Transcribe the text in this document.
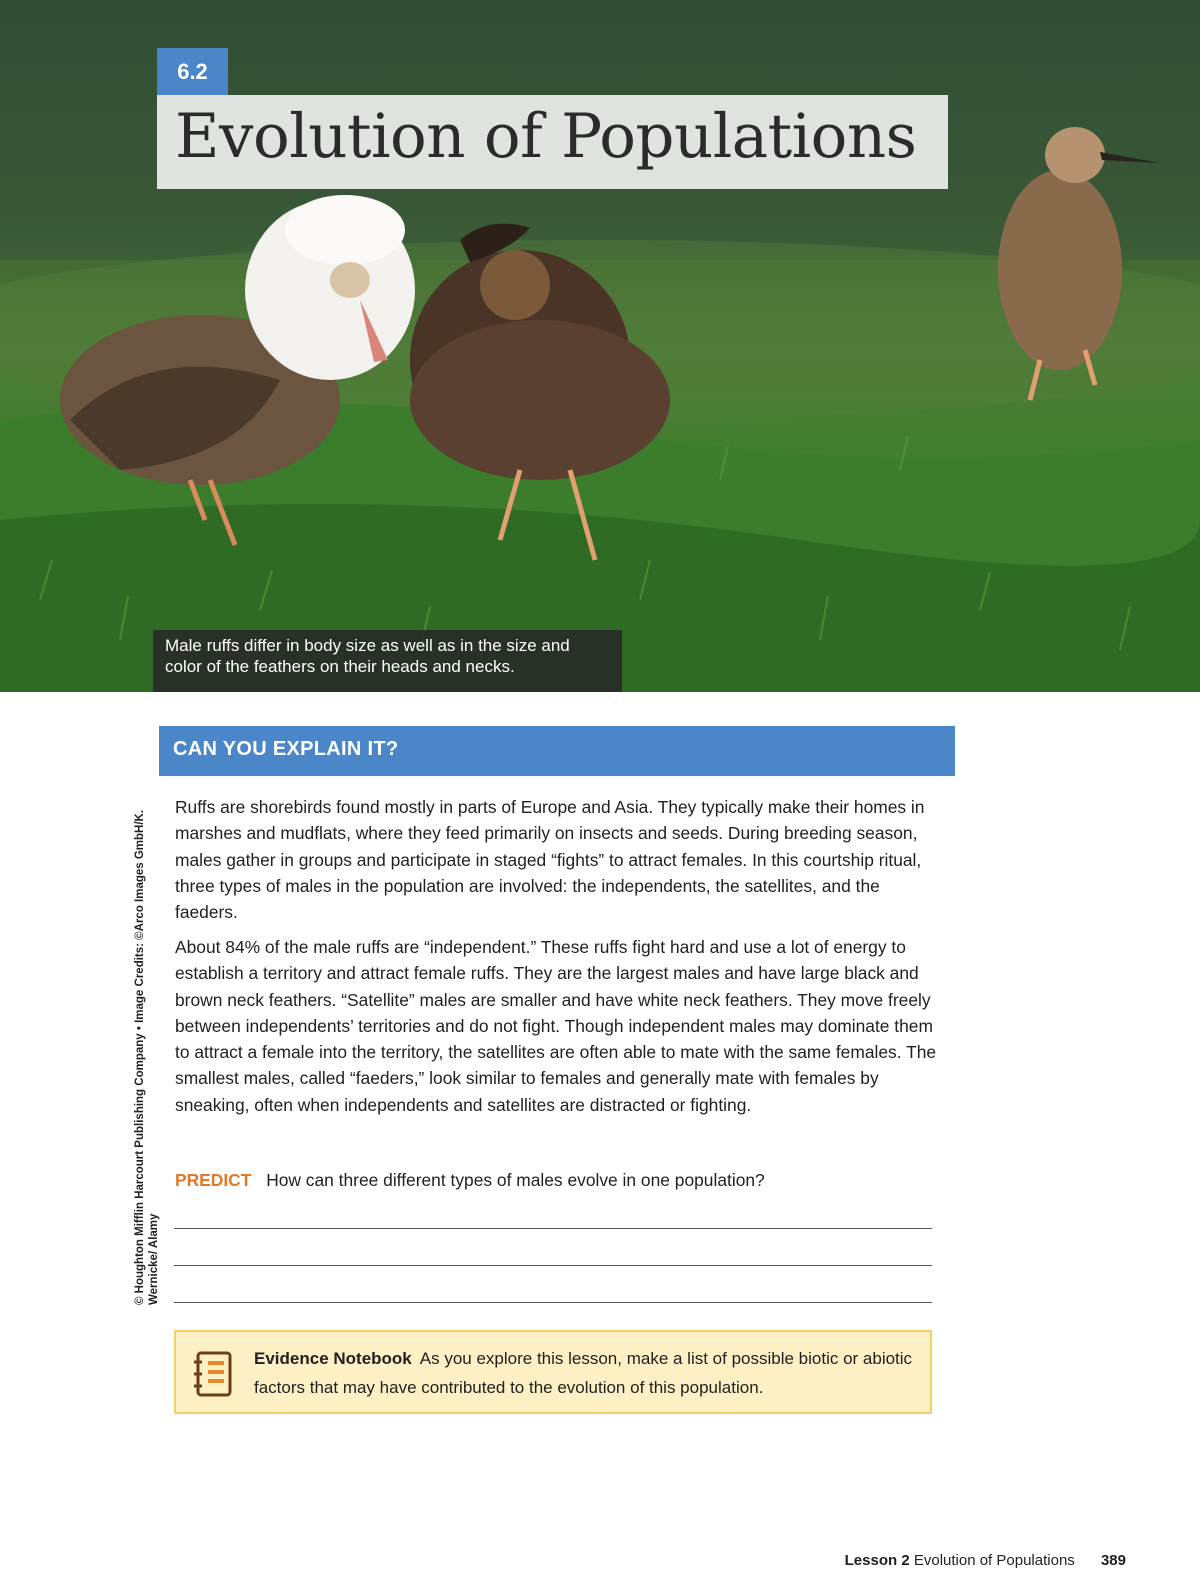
6.2
Evolution of Populations
Male ruffs differ in body size as well as in the size and color of the feathers on their heads and necks.
CAN YOU EXPLAIN IT?

Ruffs are shorebirds found mostly in parts of Europe and Asia. They typically make their homes in marshes and mudflats, where they feed primarily on insects and seeds. During breeding season, males gather in groups and participate in staged “fights” to attract females. In this courtship ritual, three types of males in the population are involved: the independents, the satellites, and the faeders.

About 84% of the male ruffs are “independent.” These ruffs fight hard and use a lot of energy to establish a territory and attract female ruffs. They are the largest males and have large black and brown neck feathers. “Satellite” males are smaller and have white neck feathers. They move freely between independents’ territories and do not fight. Though independent males may dominate them to attract a female into the territory, the satellites are often able to mate with the same females. The smallest males, called “faeders,” look similar to females and generally mate with females by sneaking, often when independents and satellites are distracted or fighting.

PREDICT How can three different types of males evolve in one population?
Evidence Notebook As you explore this lesson, make a list of possible biotic or abiotic factors that may have contributed to the evolution of this population.
© Houghton Mifflin Harcourt Publishing Company • Image Credits: ©Arco Images GmbH/K. Wernicke/ Alamy
Lesson 2 Evolution of Populations 389
